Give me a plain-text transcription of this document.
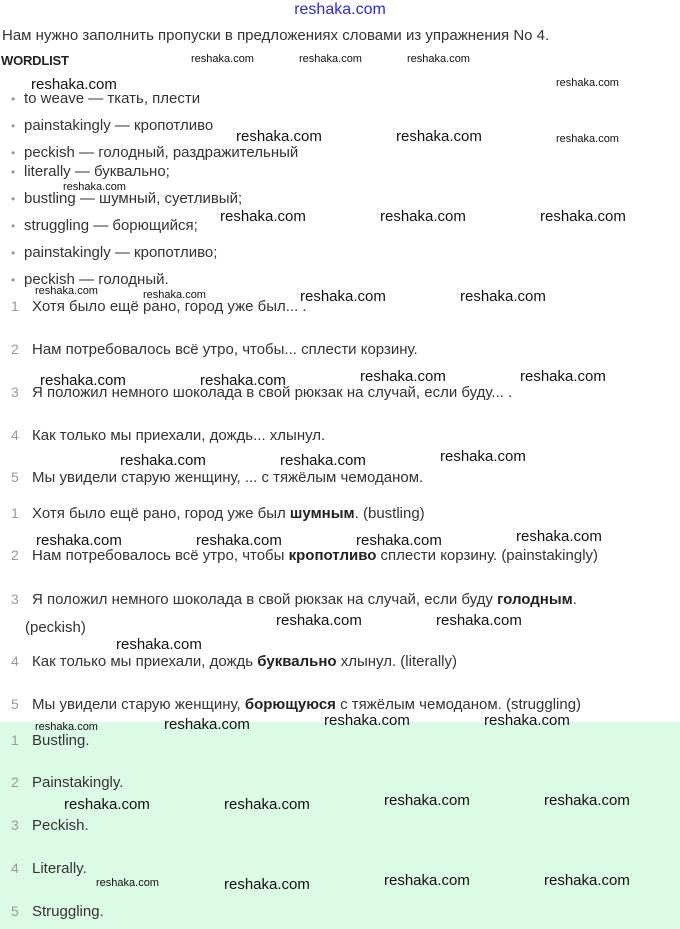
reshaka.com
Нам нужно заполнить пропуски в предложениях словами из упражнения No 4.
WORDLIST
• to weave — ткать, плести
• painstakingly — кропотливо
• peckish — голодный, раздражительный
• literally — буквально;
• bustling — шумный, суетливый;
• struggling — борющийся;
• painstakingly — кропотливо;
• peckish — голодный.
1 Хотя было ещё рано, город уже был... .
2 Нам потребовалось всё утро, чтобы... сплести корзину.
3 Я положил немного шоколада в свой рюкзак на случай, если буду... .
4 Как только мы приехали, дождь... хлынул.
5 Мы увидели старую женщину, ... с тяжёлым чемоданом.
1 Хотя было ещё рано, город уже был шумным. (bustling)
2 Нам потребовалось всё утро, чтобы кропотливо сплести корзину. (painstakingly)
3 Я положил немного шоколада в свой рюкзак на случай, если буду голодным.
(peckish)
4 Как только мы приехали, дождь буквально хлынул. (literally)
5 Мы увидели старую женщину, борющуюся с тяжёлым чемоданом. (struggling)
1 Bustling.
2 Painstakingly.
3 Peckish.
4 Literally.
5 Struggling.
reshaka.com	reshaka.com	reshaka.com
reshaka.com	reshaka.com
reshaka.com	reshaka.com	reshaka.com
reshaka.com
reshaka.com	reshaka.com	reshaka.com
reshaka.com	reshaka.com	reshaka.com	reshaka.com
reshaka.com	reshaka.com	reshaka.com	reshaka.com
reshaka.com	reshaka.com	reshaka.com
reshaka.com	reshaka.com	reshaka.com	reshaka.com
reshaka.com	reshaka.com
reshaka.com
reshaka.com	reshaka.com	reshaka.com	reshaka.com
reshaka.com	reshaka.com	reshaka.com	reshaka.com
reshaka.com	reshaka.com	reshaka.com	reshaka.com
